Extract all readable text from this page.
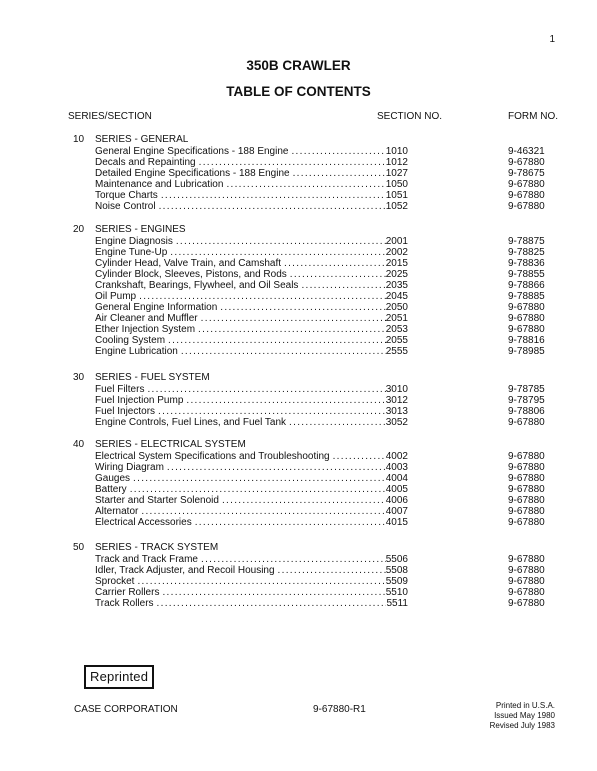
1
350B CRAWLER
TABLE OF CONTENTS
SERIES/SECTION	SECTION NO.	FORM NO.
10 SERIES - GENERAL
General Engine Specifications - 188 Engine .....	1010	9-46321
Decals and Repainting .....	1012	9-67880
Detailed Engine Specifications - 188 Engine .....	1027	9-78675
Maintenance and Lubrication .....	1050	9-67880
Torque Charts .....	1051	9-67880
Noise Control .....	1052	9-67880
20 SERIES - ENGINES
Engine Diagnosis .....	2001	9-78875
Engine Tune-Up .....	2002	9-78825
Cylinder Head, Valve Train, and Camshaft .....	2015	9-78836
Cylinder Block, Sleeves, Pistons, and Rods .....	2025	9-78855
Crankshaft, Bearings, Flywheel, and Oil Seals .....	2035	9-78866
Oil Pump .....	2045	9-78885
General Engine Information .....	2050	9-67880
Air Cleaner and Muffler .....	2051	9-67880
Ether Injection System .....	2053	9-67880
Cooling System .....	2055	9-78816
Engine Lubrication .....	2555	9-78985
30 SERIES - FUEL SYSTEM
Fuel Filters .....	3010	9-78785
Fuel Injection Pump .....	3012	9-78795
Fuel Injectors .....	3013	9-78806
Engine Controls, Fuel Lines, and Fuel Tank .....	3052	9-67880
40 SERIES - ELECTRICAL SYSTEM
Electrical System Specifications and Troubleshooting .....	4002	9-67880
Wiring Diagram .....	4003	9-67880
Gauges .....	4004	9-67880
Battery .....	4005	9-67880
Starter and Starter Solenoid .....	4006	9-67880
Alternator .....	4007	9-67880
Electrical Accessories .....	4015	9-67880
50 SERIES - TRACK SYSTEM
Track and Track Frame .....	5506	9-67880
Idler, Track Adjuster, and Recoil Housing .....	5508	9-67880
Sprocket .....	5509	9-67880
Carrier Rollers .....	5510	9-67880
Track Rollers .....	5511	9-67880
Reprinted
CASE CORPORATION	9-67880-R1	Printed in U.S.A.
Issued May 1980
Revised July 1983
